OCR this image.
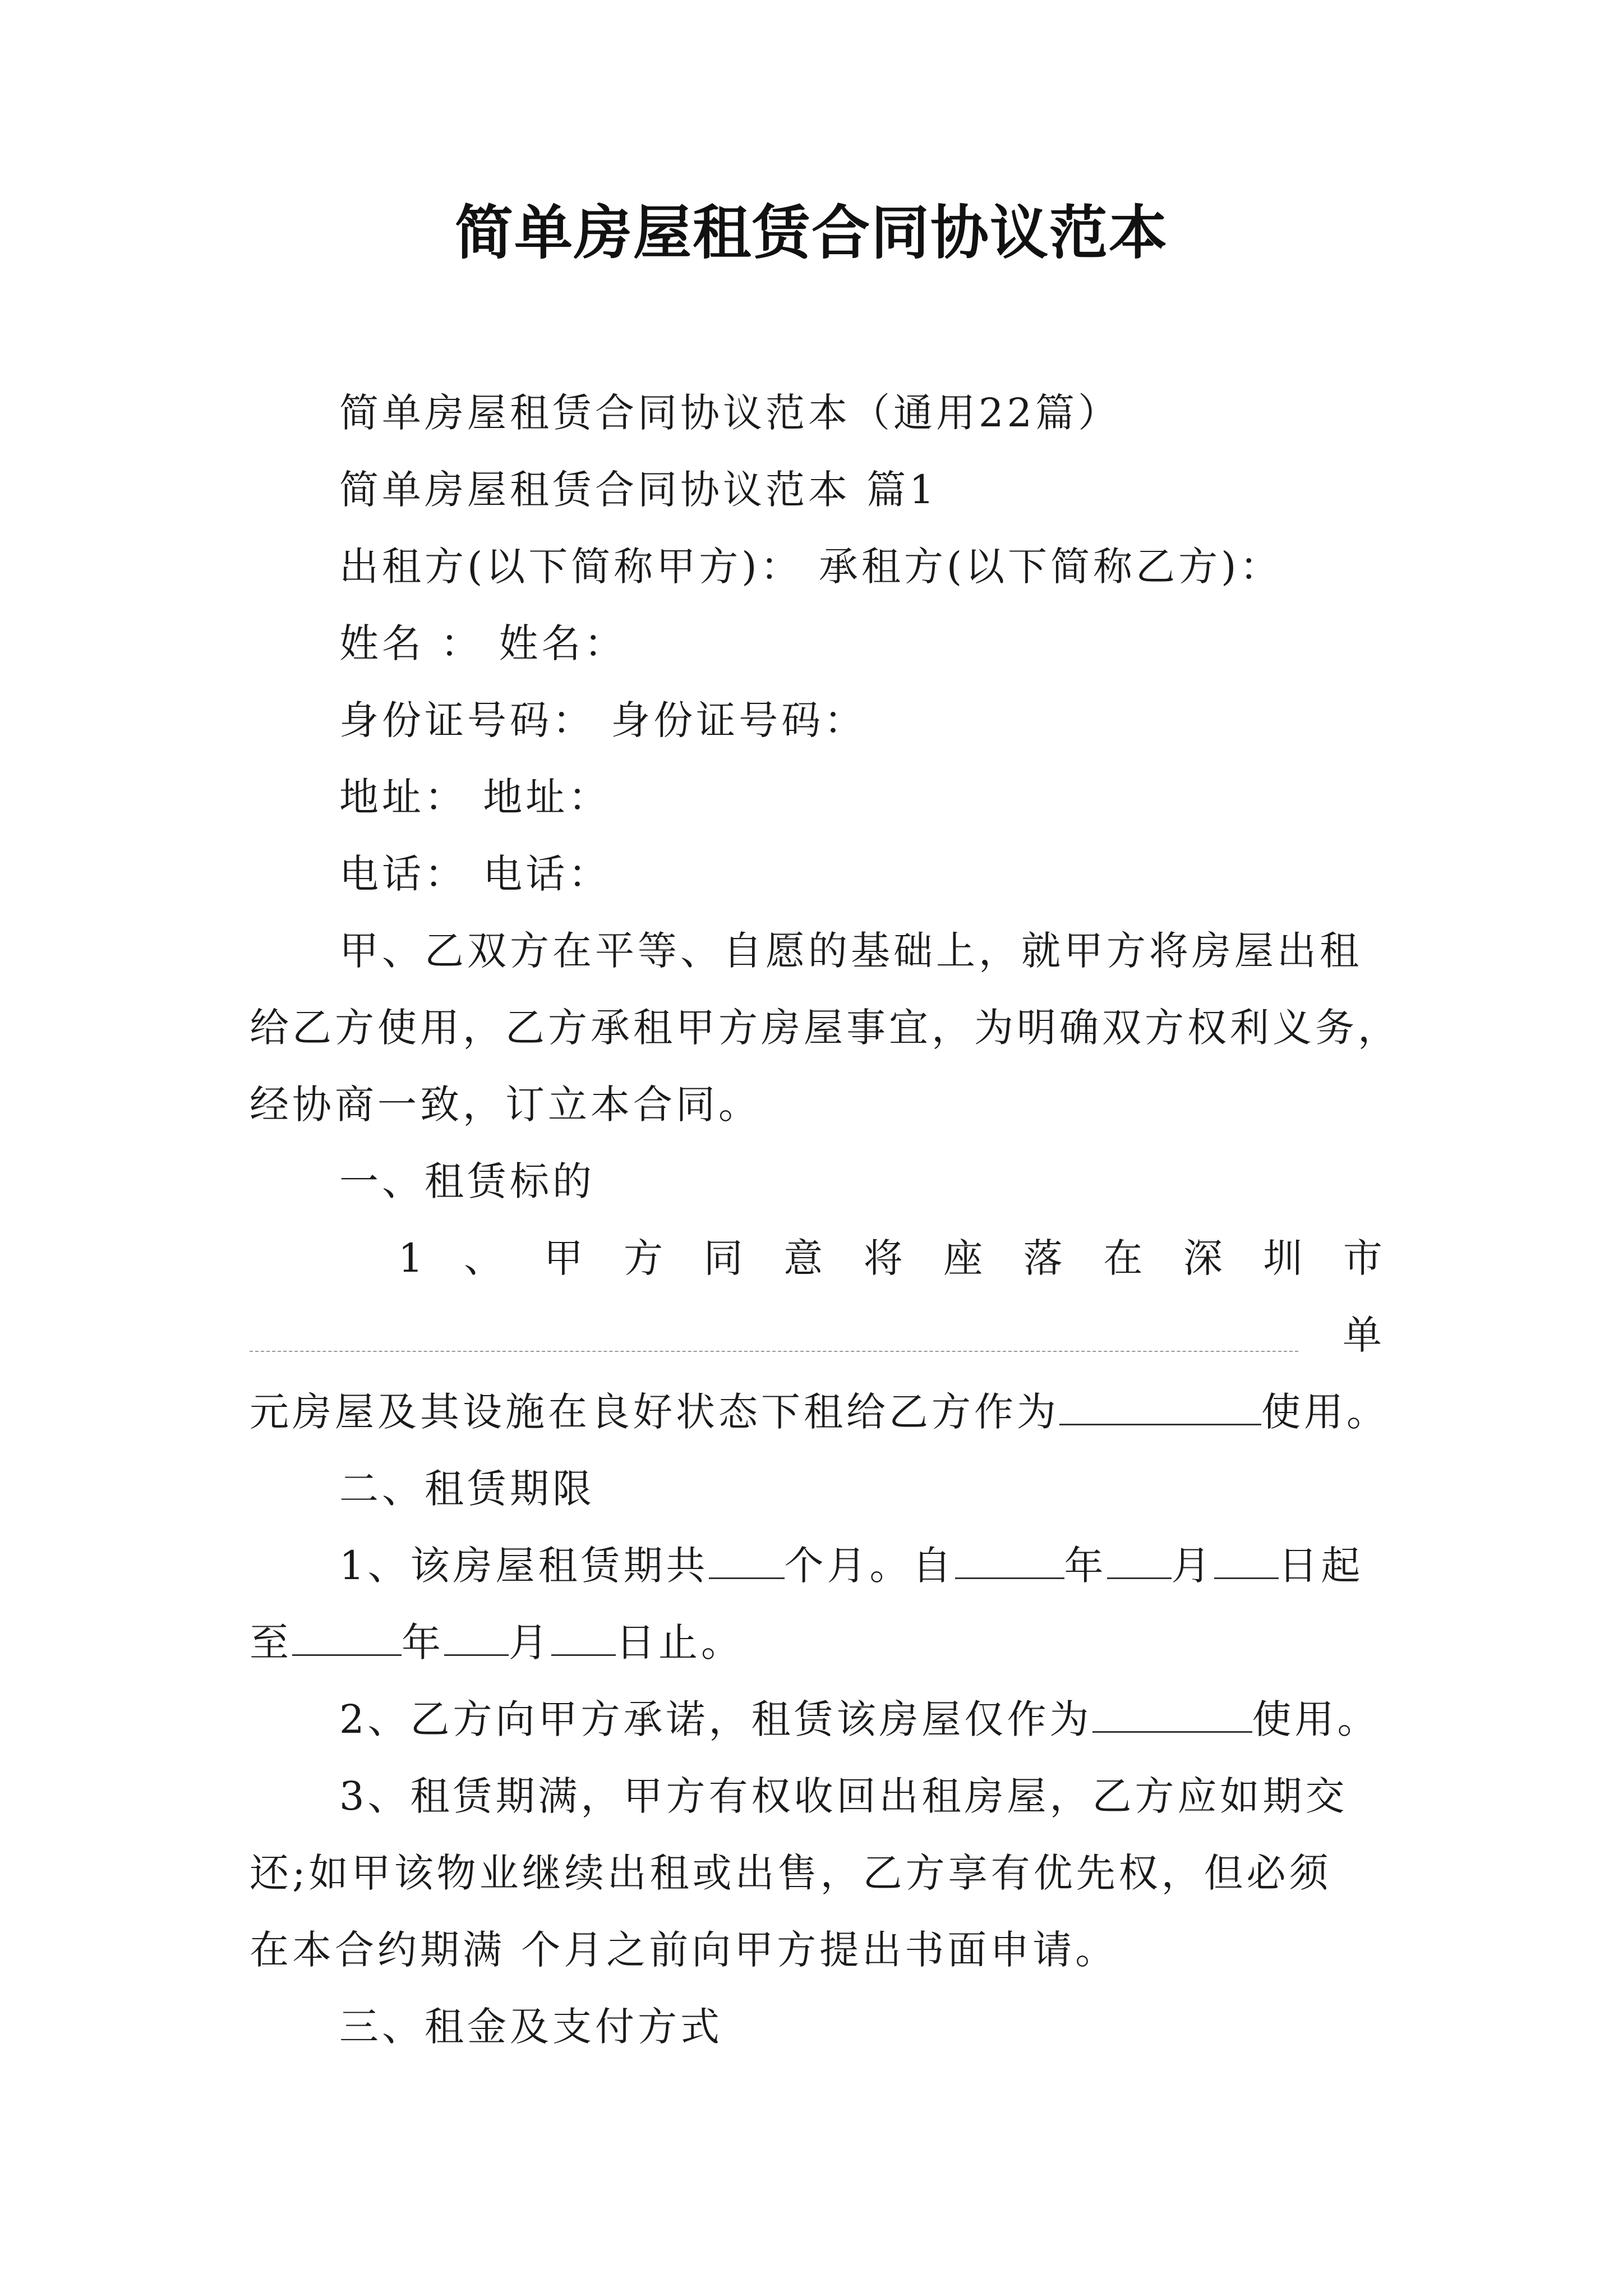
简单房屋租赁合同协议范本
简单房屋租赁合同协议范本（通用22篇）
简单房屋租赁合同协议范本 篇1
出租方(以下简称甲方)： 承租方(以下简称乙方)：
姓名 ： 姓名：
身份证号码： 身份证号码：
地址： 地址：
电话： 电话：
甲、乙双方在平等、自愿的基础上，就甲方将房屋出租
给乙方使用，乙方承租甲方房屋事宜，为明确双方权利义务，
经协商一致，订立本合同。
一、租赁标的
1 、 甲 方 同 意 将 座 落 在 深 圳 市
单
元房屋及其设施在良好状态下租给乙方作为	使用。
二、租赁期限
1、该房屋租赁期共 个月。自	年 月 日起
至	年 月 日止。
2、乙方向甲方承诺，租赁该房屋仅作为	使用。
3、租赁期满，甲方有权收回出租房屋，乙方应如期交
还;如甲该物业继续出租或出售，乙方享有优先权，但必须
在本合约期满 个月之前向甲方提出书面申请。
三、租金及支付方式
